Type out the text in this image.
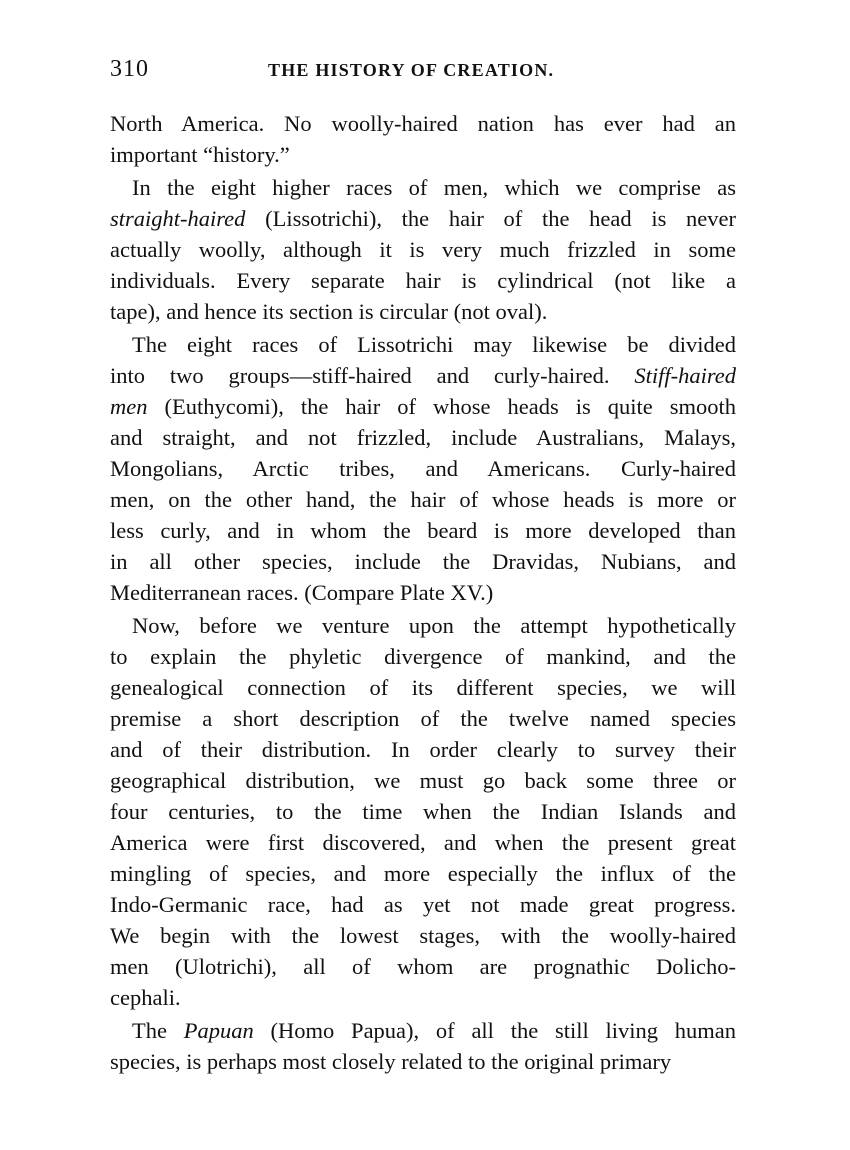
310	THE HISTORY OF CREATION.
North America. No woolly-haired nation has ever had an
important “history.”
In the eight higher races of men, which we comprise as
straight-haired (Lissotrichi), the hair of the head is never
actually woolly, although it is very much frizzled in some
individuals. Every separate hair is cylindrical (not like a
tape), and hence its section is circular (not oval).
The eight races of Lissotrichi may likewise be divided
into two groups—stiff-haired and curly-haired. Stiff-haired
men (Euthycomi), the hair of whose heads is quite smooth
and straight, and not frizzled, include Australians, Malays,
Mongolians, Arctic tribes, and Americans. Curly-haired
men, on the other hand, the hair of whose heads is more or
less curly, and in whom the beard is more developed than
in all other species, include the Dravidas, Nubians, and
Mediterranean races. (Compare Plate XV.)
Now, before we venture upon the attempt hypothetically
to explain the phyletic divergence of mankind, and the
genealogical connection of its different species, we will
premise a short description of the twelve named species
and of their distribution. In order clearly to survey their
geographical distribution, we must go back some three or
four centuries, to the time when the Indian Islands and
America were first discovered, and when the present great
mingling of species, and more especially the influx of the
Indo-Germanic race, had as yet not made great progress.
We begin with the lowest stages, with the woolly-haired
men (Ulotrichi), all of whom are prognathic Dolicho-
cephali.
The Papuan (Homo Papua), of all the still living human
species, is perhaps most closely related to the original primary
